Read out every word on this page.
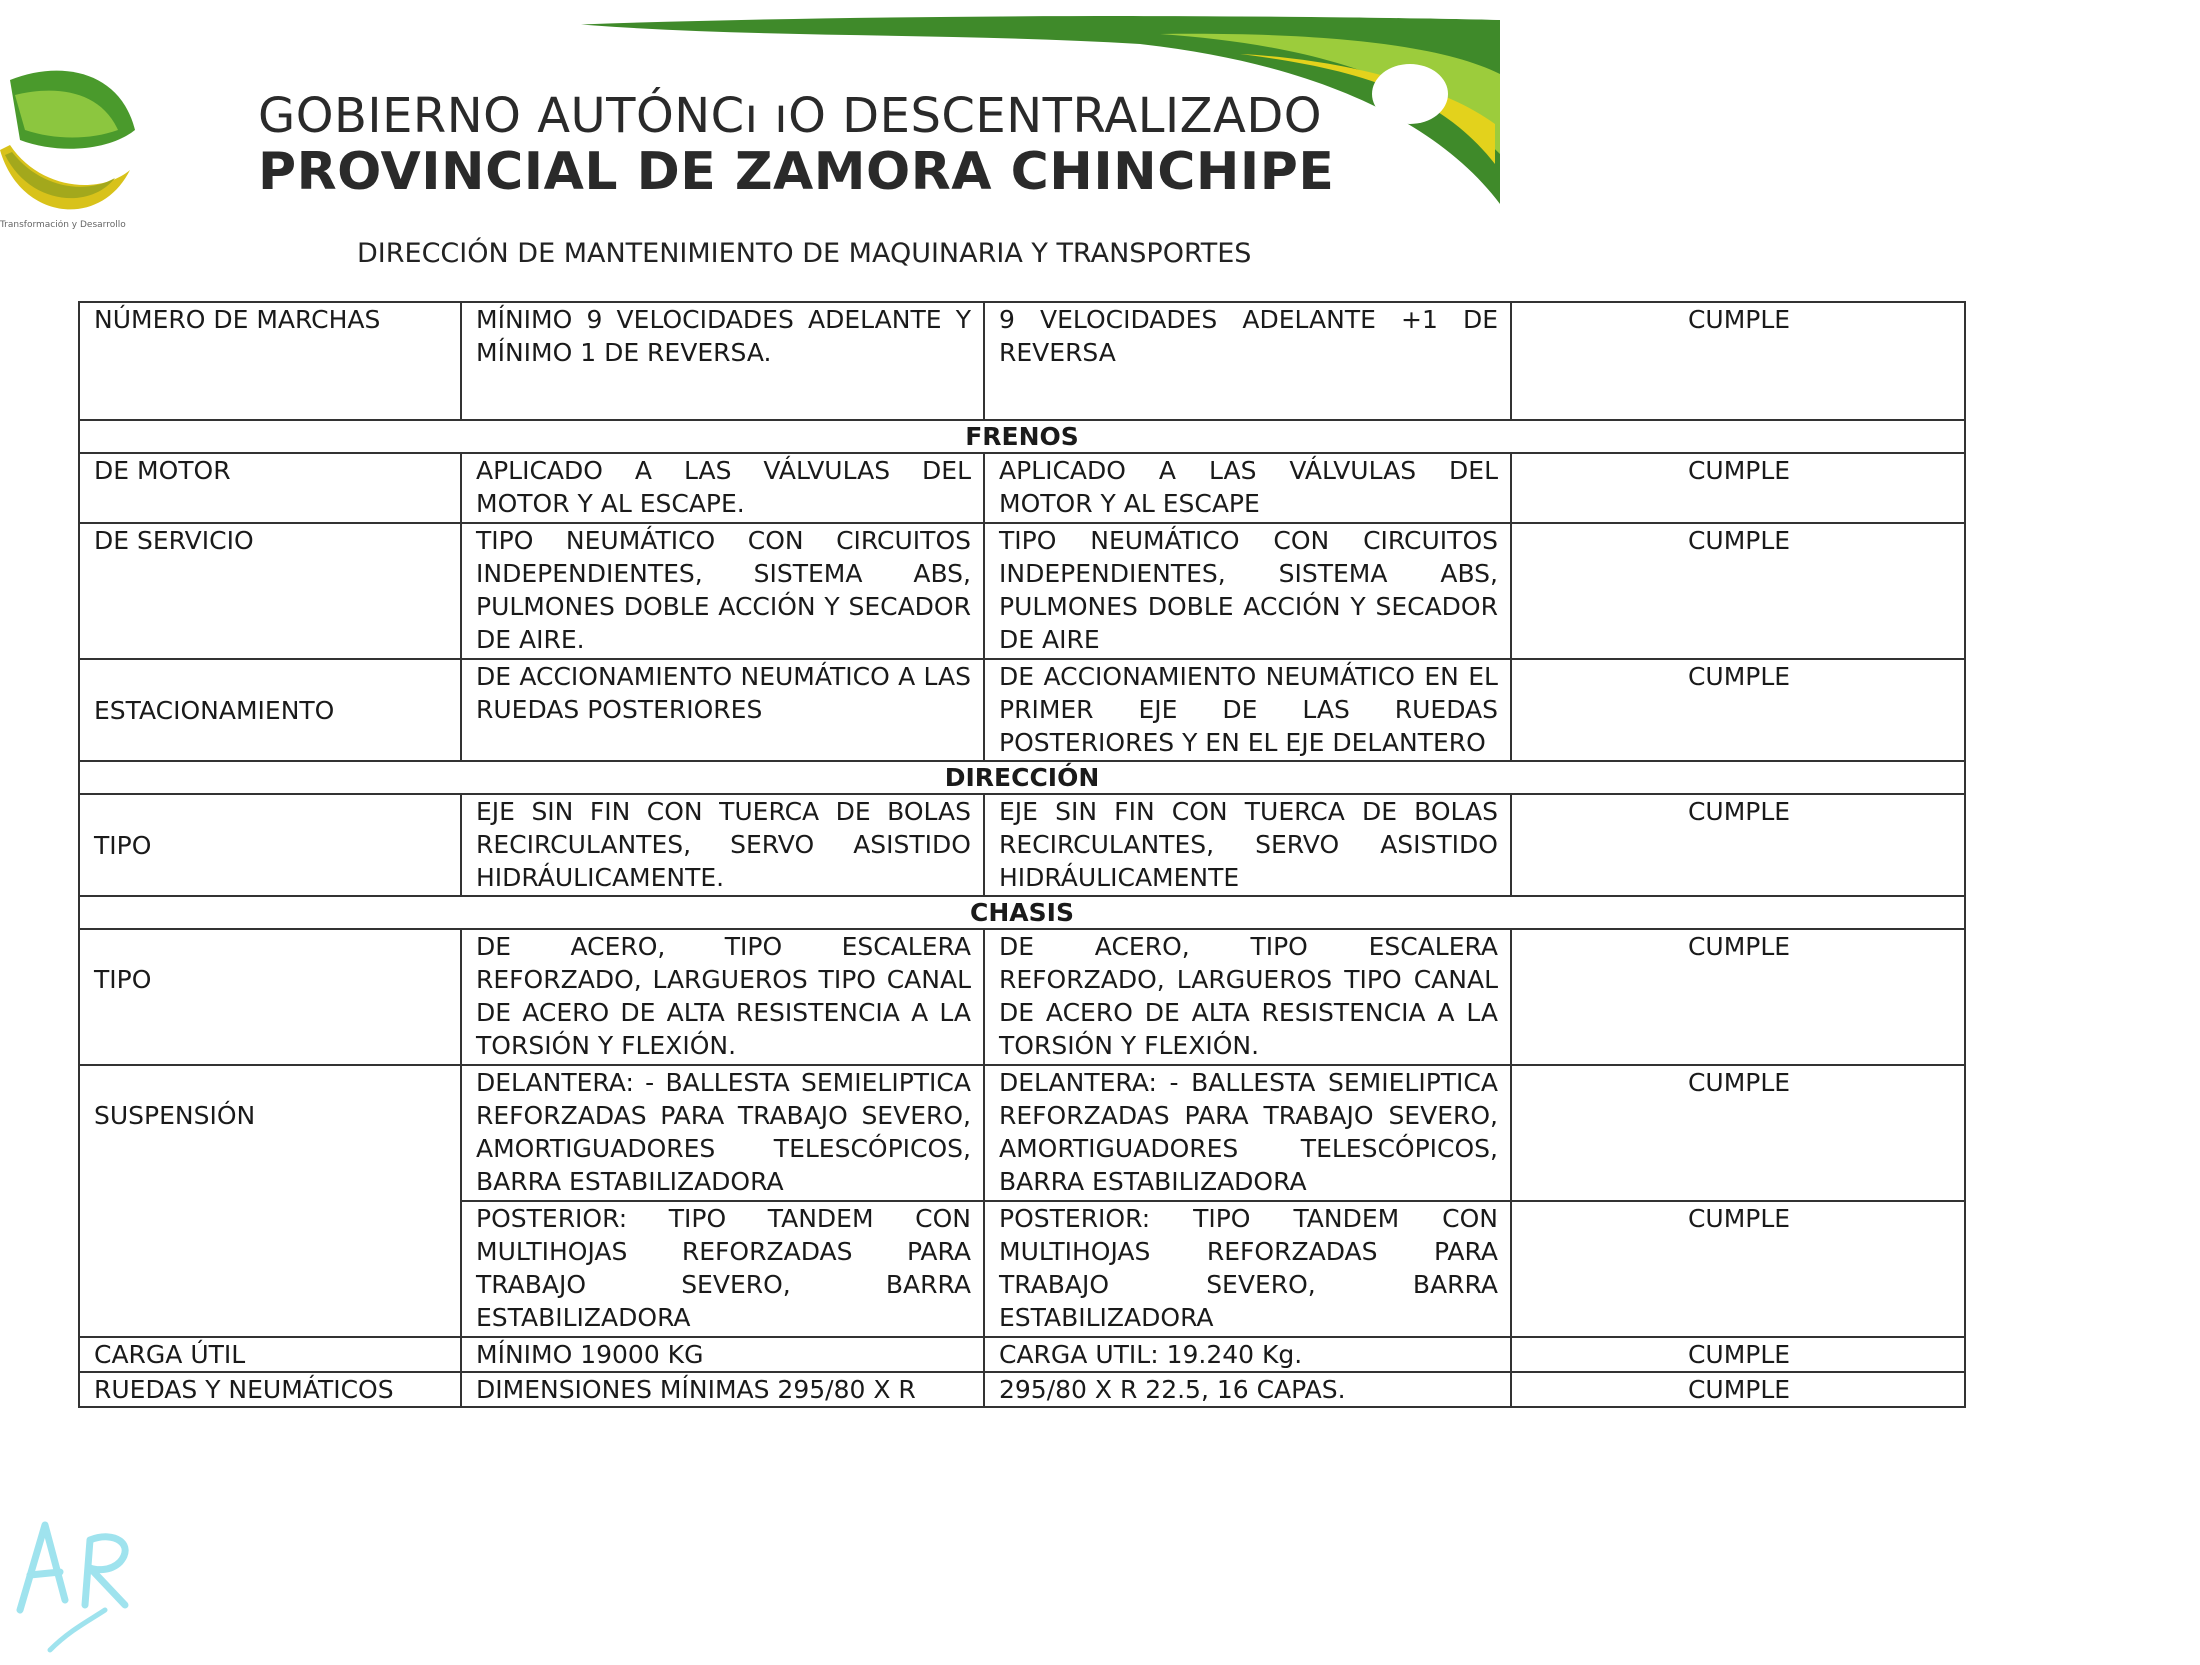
Transformación y Desarrollo
GOBIERNO AUTÓNCı ıO DESCENTRALIZADO
PROVINCIAL DE ZAMORA CHINCHIPE
DIRECCIÓN DE MANTENIMIENTO DE MAQUINARIA Y TRANSPORTES
NÚMERO DE MARCHAS	MÍNIMO 9 VELOCIDADES ADELANTE Y MÍNIMO 1 DE REVERSA.	9 VELOCIDADES ADELANTE +1 DE REVERSA	CUMPLE
FRENOS			
DE MOTOR	APLICADO A LAS VÁLVULAS DEL MOTOR Y AL ESCAPE.	APLICADO A LAS VÁLVULAS DEL MOTOR Y AL ESCAPE	CUMPLE
DE SERVICIO	TIPO NEUMÁTICO CON CIRCUITOS INDEPENDIENTES, SISTEMA ABS, PULMONES DOBLE ACCIÓN Y SECADOR DE AIRE.	TIPO NEUMÁTICO CON CIRCUITOS INDEPENDIENTES, SISTEMA ABS, PULMONES DOBLE ACCIÓN Y SECADOR DE AIRE	CUMPLE
ESTACIONAMIENTO	DE ACCIONAMIENTO NEUMÁTICO A LAS RUEDAS POSTERIORES	DE ACCIONAMIENTO NEUMÁTICO EN EL PRIMER EJE DE LAS RUEDAS POSTERIORES Y EN EL EJE DELANTERO	CUMPLE
DIRECCIÓN			
TIPO	EJE SIN FIN CON TUERCA DE BOLAS RECIRCULANTES, SERVO ASISTIDO HIDRÁULICAMENTE.	EJE SIN FIN CON TUERCA DE BOLAS RECIRCULANTES, SERVO ASISTIDO HIDRÁULICAMENTE	CUMPLE
CHASIS			
TIPO	DE ACERO, TIPO ESCALERA REFORZADO, LARGUEROS TIPO CANAL DE ACERO DE ALTA RESISTENCIA A LA TORSIÓN Y FLEXIÓN.	DE ACERO, TIPO ESCALERA REFORZADO, LARGUEROS TIPO CANAL DE ACERO DE ALTA RESISTENCIA A LA TORSIÓN Y FLEXIÓN.	CUMPLE
SUSPENSIÓN	DELANTERA: - BALLESTA SEMIELIPTICA REFORZADAS PARA TRABAJO SEVERO, AMORTIGUADORES TELESCÓPICOS, BARRA ESTABILIZADORA	DELANTERA: - BALLESTA SEMIELIPTICA REFORZADAS PARA TRABAJO SEVERO, AMORTIGUADORES TELESCÓPICOS, BARRA ESTABILIZADORA	CUMPLE
	POSTERIOR: TIPO TANDEM CON MULTIHOJAS REFORZADAS PARA TRABAJO SEVERO, BARRA ESTABILIZADORA	POSTERIOR: TIPO TANDEM CON MULTIHOJAS REFORZADAS PARA TRABAJO SEVERO, BARRA ESTABILIZADORA	CUMPLE
CARGA ÚTIL	MÍNIMO 19000 KG	CARGA UTIL: 19.240 Kg.	CUMPLE
RUEDAS Y NEUMÁTICOS	DIMENSIONES MÍNIMAS 295/80 X R	295/80 X R 22.5, 16 CAPAS.	CUMPLE
